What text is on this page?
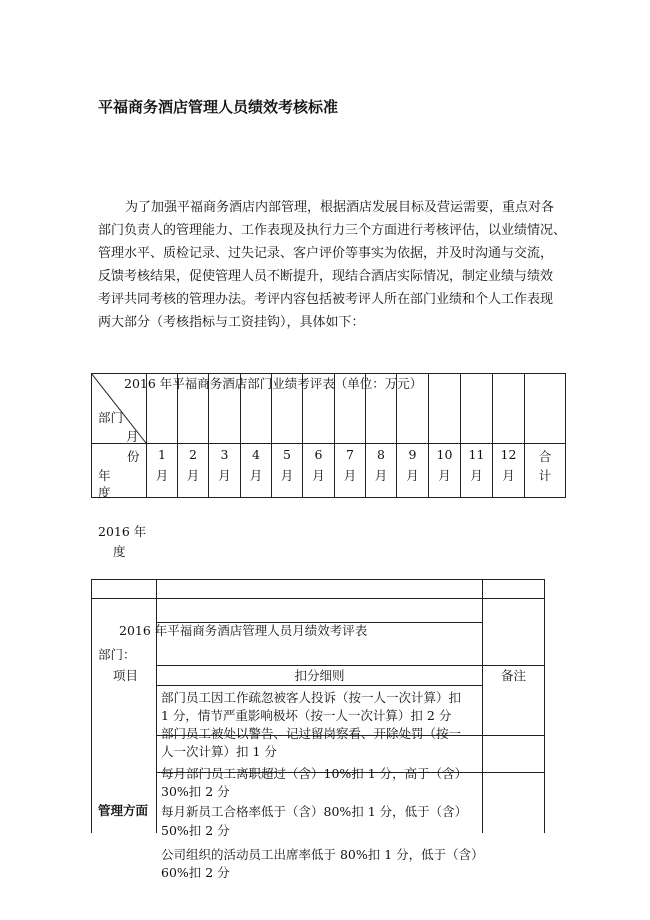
平福商务酒店管理人员绩效考核标准

为了加强平福商务酒店内部管理，根据酒店发展目标及营运需要，重点对各
部门负责人的管理能力、工作表现及执行力三个方面进行考核评估，以业绩情况、
管理水平、质检记录、过失记录、客户评价等事实为依据，并及时沟通与交流，
反馈考核结果，促使管理人员不断提升，现结合酒店实际情况，制定业绩与绩效
考评共同考核的管理办法。考评内容包括被考评人所在部门业绩和个人工作表现
两大部分（考核指标与工资挂钩），具体如下：

2016 年平福商务酒店部门业绩考评表（单位：万元）
部门
月
份
年
度
1
月
2
月
3
月
4
月
5
月
6
月
7
月
8
月
9
月
10
月
11
月
12
月
合
计
2016 年
度
2016 年平福商务酒店管理人员月绩效考评表
部门：
项目	扣分细则	备注
管理方面
部门员工因工作疏忽被客人投诉（按一人一次计算）扣
1 分，情节严重影响极坏（按一人一次计算）扣 2 分
部门员工被处以警告、记过留岗察看、开除处罚（按一
人一次计算）扣 1 分
每月部门员工离职超过（含）10%扣 1 分，高于（含）
30%扣 2 分
每月新员工合格率低于（含）80%扣 1 分，低于（含）
50%扣 2 分
公司组织的活动员工出席率低于 80%扣 1 分，低于（含）
60%扣 2 分
